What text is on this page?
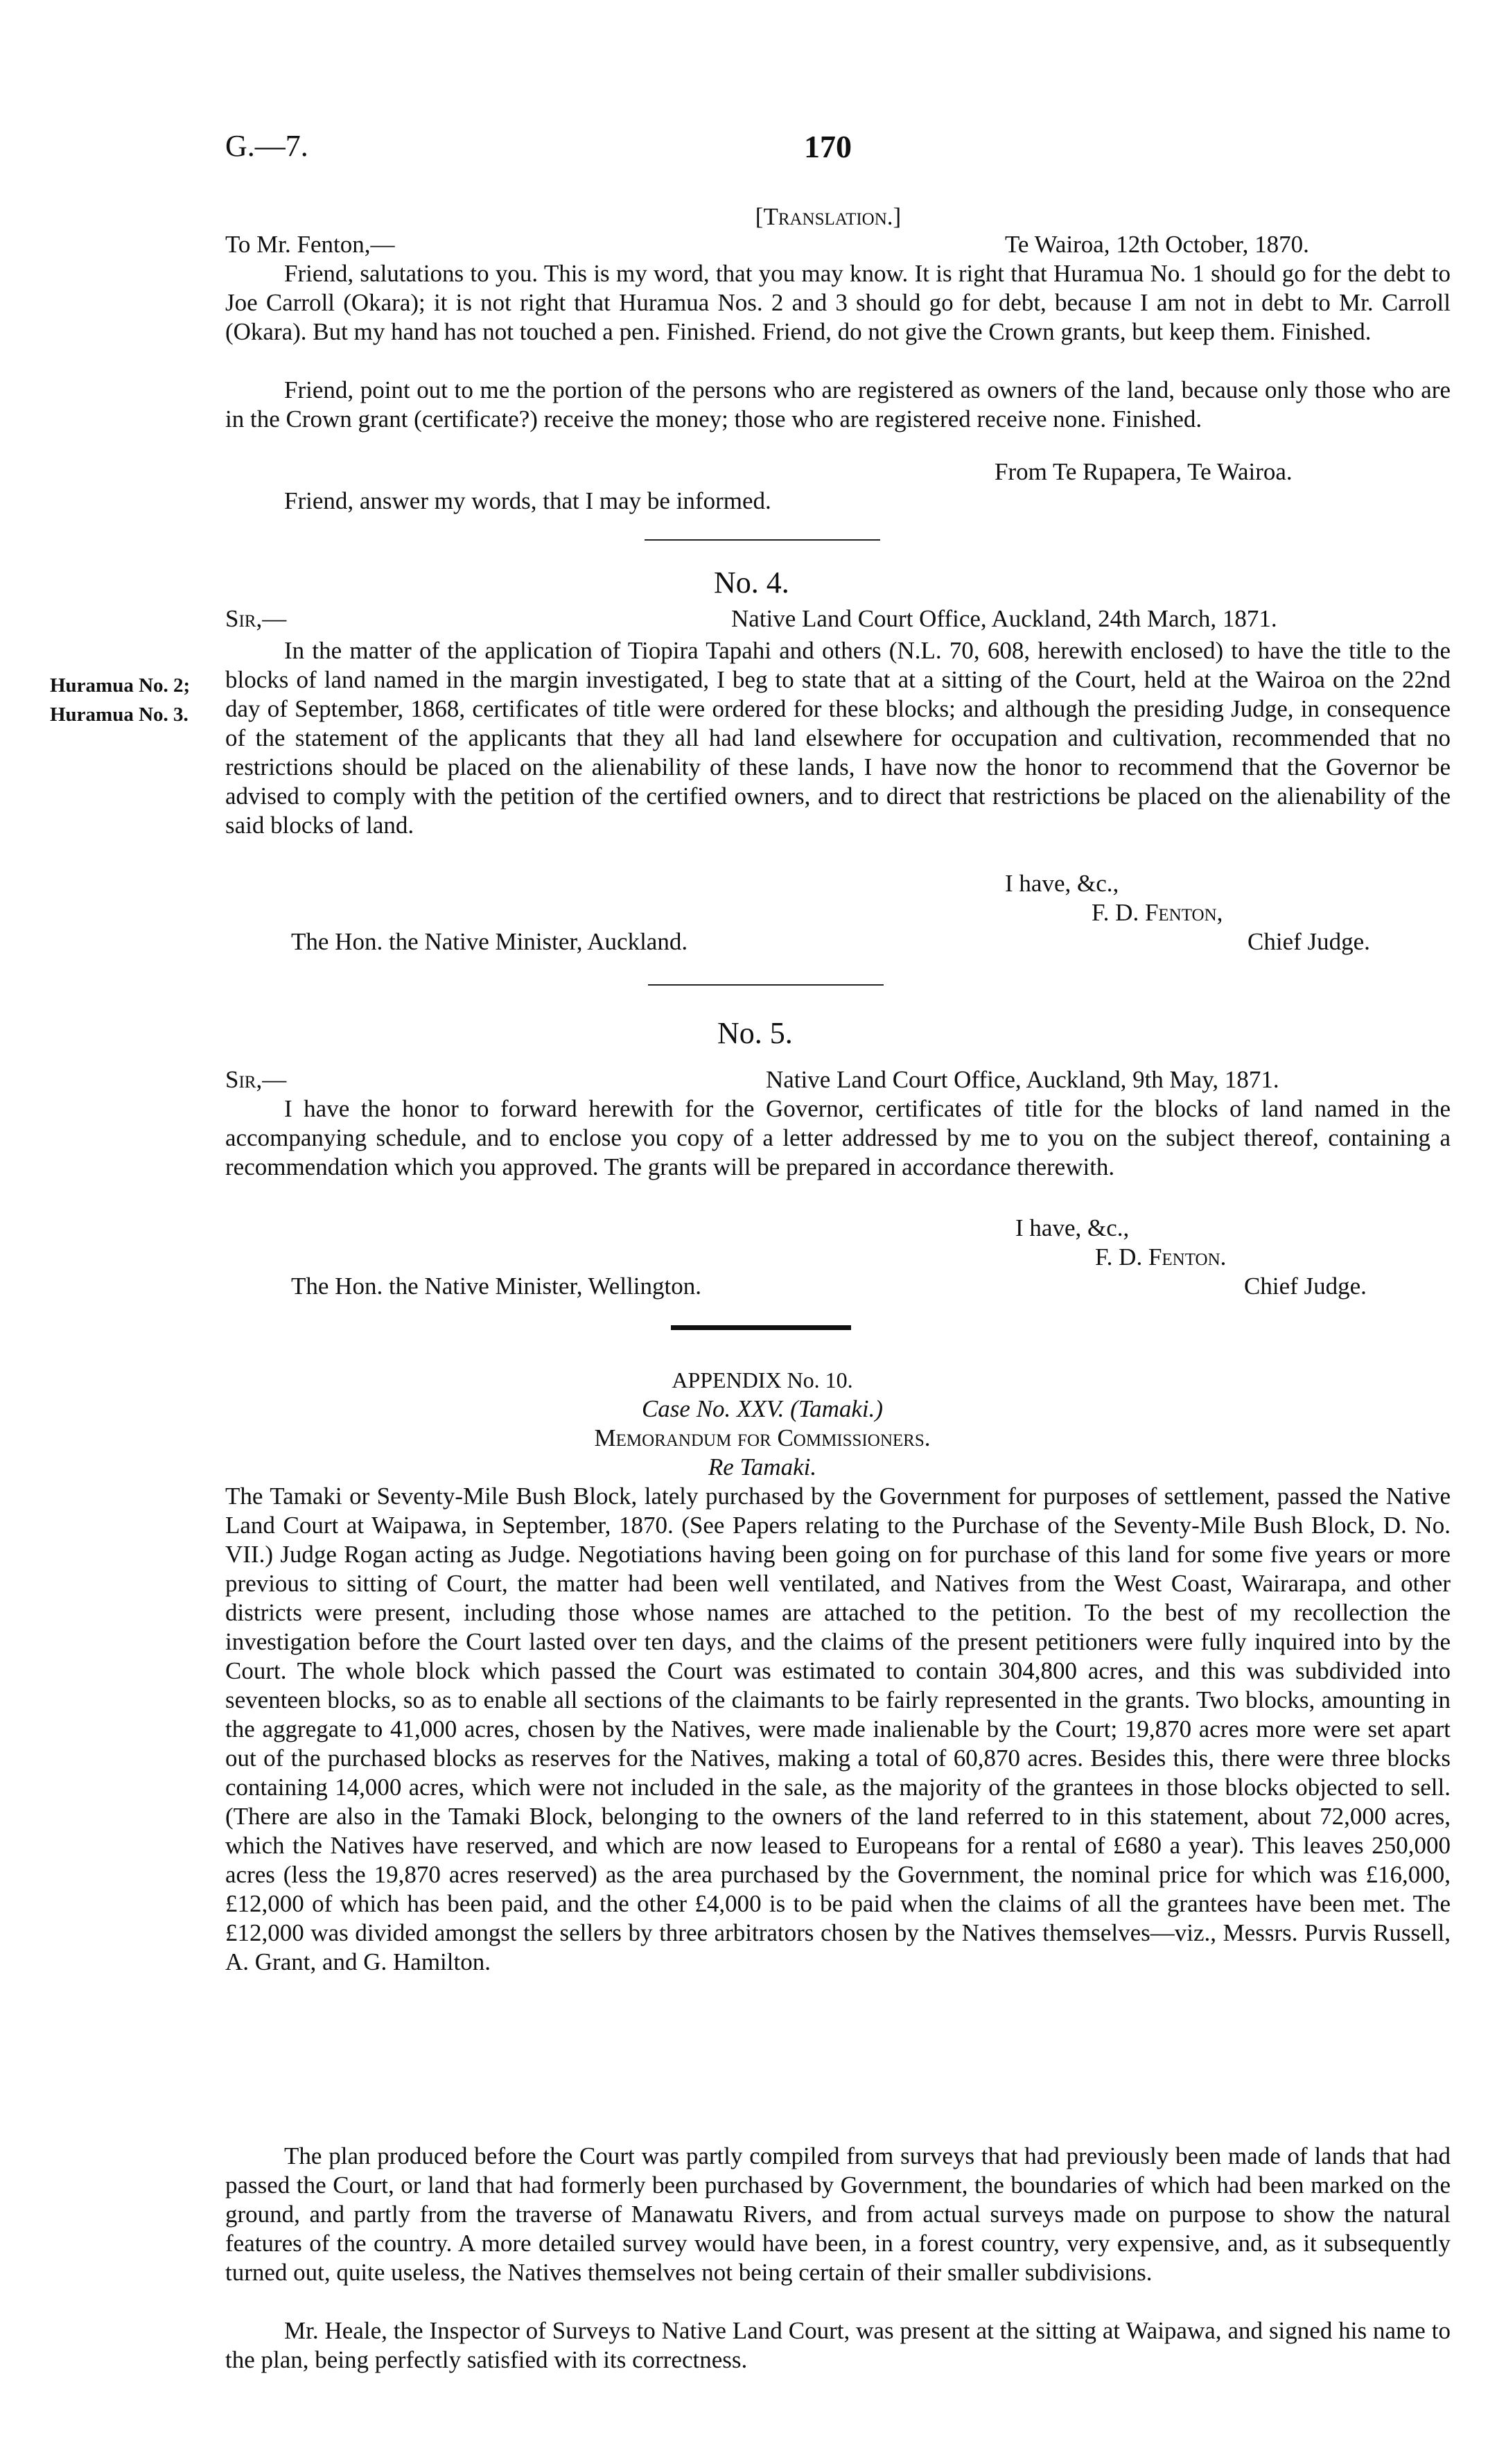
G.—7.	170
[Translation.]
To Mr. Fenton,—	Te Wairoa, 12th October, 1870.

Friend, salutations to you. This is my word, that you may know. It is right that Huramua No. 1 should go for the debt to Joe Carroll (Okara); it is not right that Huramua Nos. 2 and 3 should go for debt, because I am not in debt to Mr. Carroll (Okara). But my hand has not touched a pen. Finished. Friend, do not give the Crown grants, but keep them. Finished.

Friend, point out to me the portion of the persons who are registered as owners of the land, because only those who are in the Crown grant (certificate?) receive the money; those who are registered receive none. Finished.

From Te Rupapera, Te Wairoa.
Friend, answer my words, that I may be informed.
No. 4.
Sir,—	Native Land Court Office, Auckland, 24th March, 1871.
Huramua No. 2;
Huramua No. 3.

In the matter of the application of Tiopira Tapahi and others (N.L. 70, 608, herewith enclosed) to have the title to the blocks of land named in the margin investigated, I beg to state that at a sitting of the Court, held at the Wairoa on the 22nd day of September, 1868, certificates of title were ordered for these blocks; and although the presiding Judge, in consequence of the statement of the applicants that they all had land elsewhere for occupation and cultivation, recommended that no restrictions should be placed on the alienability of these lands, I have now the honor to recommend that the Governor be advised to comply with the petition of the certified owners, and to direct that restrictions be placed on the alienability of the said blocks of land.

I have, &c.,
F. D. Fenton,
The Hon. the Native Minister, Auckland.	Chief Judge.
No. 5.
Sir,—	Native Land Court Office, Auckland, 9th May, 1871.

I have the honor to forward herewith for the Governor, certificates of title for the blocks of land named in the accompanying schedule, and to enclose you copy of a letter addressed by me to you on the subject thereof, containing a recommendation which you approved. The grants will be prepared in accordance therewith.

I have, &c.,
F. D. Fenton.
The Hon. the Native Minister, Wellington.	Chief Judge.
APPENDIX No. 10.
Case No. XXV. (Tamaki.)
Memorandum for Commissioners.
Re Tamaki.

The Tamaki or Seventy-Mile Bush Block, lately purchased by the Government for purposes of settlement, passed the Native Land Court at Waipawa, in September, 1870. (See Papers relating to the Purchase of the Seventy-Mile Bush Block, D. No. VII.) Judge Rogan acting as Judge. Negotiations having been going on for purchase of this land for some five years or more previous to sitting of Court, the matter had been well ventilated, and Natives from the West Coast, Wairarapa, and other districts were present, including those whose names are attached to the petition. To the best of my recollection the investigation before the Court lasted over ten days, and the claims of the present petitioners were fully inquired into by the Court. The whole block which passed the Court was estimated to contain 304,800 acres, and this was subdivided into seventeen blocks, so as to enable all sections of the claimants to be fairly represented in the grants. Two blocks, amounting in the aggregate to 41,000 acres, chosen by the Natives, were made inalienable by the Court; 19,870 acres more were set apart out of the purchased blocks as reserves for the Natives, making a total of 60,870 acres. Besides this, there were three blocks containing 14,000 acres, which were not included in the sale, as the majority of the grantees in those blocks objected to sell. (There are also in the Tamaki Block, belonging to the owners of the land referred to in this statement, about 72,000 acres, which the Natives have reserved, and which are now leased to Europeans for a rental of £680 a year). This leaves 250,000 acres (less the 19,870 acres reserved) as the area purchased by the Government, the nominal price for which was £16,000, £12,000 of which has been paid, and the other £4,000 is to be paid when the claims of all the grantees have been met. The £12,000 was divided amongst the sellers by three arbitrators chosen by the Natives themselves—viz., Messrs. Purvis Russell, A. Grant, and G. Hamilton.

The plan produced before the Court was partly compiled from surveys that had previously been made of lands that had passed the Court, or land that had formerly been purchased by Government, the boundaries of which had been marked on the ground, and partly from the traverse of Manawatu Rivers, and from actual surveys made on purpose to show the natural features of the country. A more detailed survey would have been, in a forest country, very expensive, and, as it subsequently turned out, quite useless, the Natives themselves not being certain of their smaller subdivisions.

Mr. Heale, the Inspector of Surveys to Native Land Court, was present at the sitting at Waipawa, and signed his name to the plan, being perfectly satisfied with its correctness.
